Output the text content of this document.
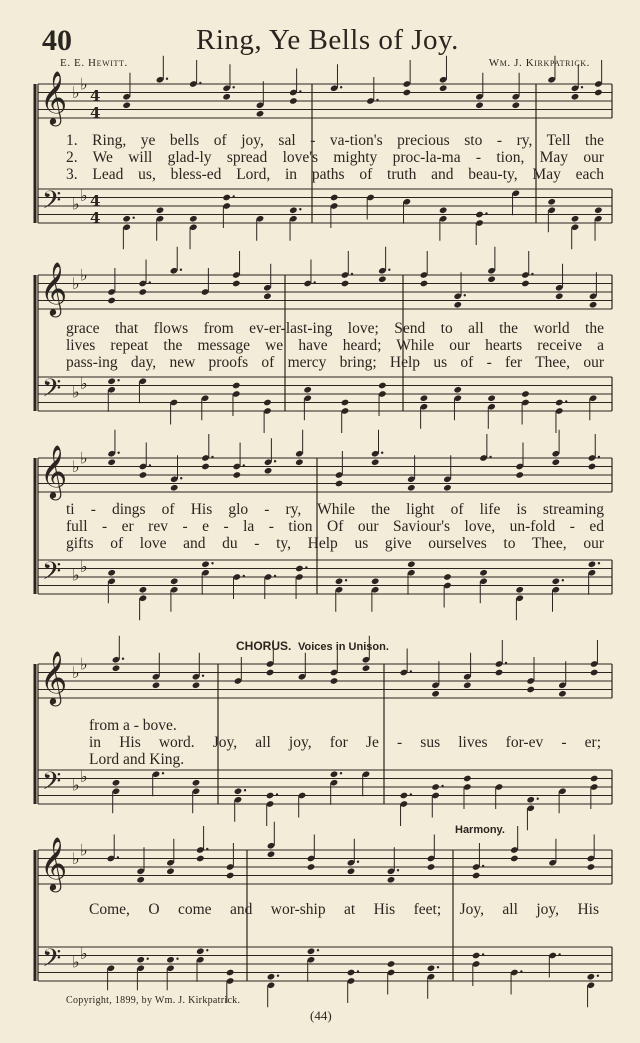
40	Ring, Ye Bells of Joy.
E. E. Hewitt.	Wm. J. Kirkpatrick.
𝄞
𝄢
♭ ♭
♭ ♭
4
4
4
4
𝄞
𝄢
♭ ♭
♭ ♭
𝄞
𝄢
♭ ♭
♭ ♭
𝄞
𝄢
♭ ♭
♭ ♭
𝄞
𝄢
♭ ♭
♭ ♭
1. Ring, ye bells of joy, sal - va-tion's precious sto - ry, Tell the
2. We will glad-ly spread love's mighty proc-la-ma - tion, May our
3. Lead us, bless-ed Lord, in paths of truth and beau-ty, May each
grace that flows from ev-er-last-ing love; Send to all the world the
lives repeat the message we have heard; While our hearts receive a
pass-ing day, new proofs of mercy bring; Help us of - fer Thee, our
ti - dings of His glo - ry, While the light of life is streaming
full - er rev - e - la - tion Of our Saviour's love, un-fold - ed
gifts of love and du - ty, Help us give ourselves to Thee, our
CHORUS. Voices in Unison.
from a - bove.
in His word. Joy, all joy, for Je - sus lives for-ev - er;
Lord and King.
Harmony.
Come, O come and wor-ship at His feet; Joy, all joy, His
Copyright, 1899, by Wm. J. Kirkpatrick.
(44)
